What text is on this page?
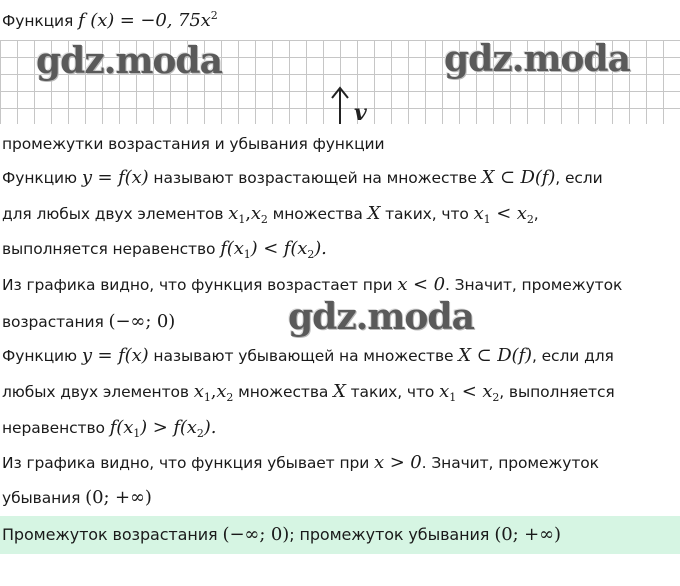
Функция f (x) = −0, $75x^2$
gdz.moda	gdz.moda
v
промежутки возрастания и убывания функции
Функцию y = f(x) называют возрастающей на множестве X ⊂ D(f), если
для любых двух элементов $x_1,x_2$ множества X таких, что $x_1 < x_2$,
выполняется неравенство $f(x_1) < f(x_2)$.
Из графика видно, что функция возрастает при x < 0. Значит, промежуток
возрастания (−∞; 0)	gdz.moda
Функцию y = f(x) называют убывающей на множестве X ⊂ D(f), если для
любых двух элементов $x_1,x_2$ множества X таких, что $x_1 < x_2$, выполняется
неравенство $f(x_1) > f(x_2)$.
Из графика видно, что функция убывает при x > 0. Значит, промежуток
убывания (0; +∞)
Промежуток возрастания (−∞; 0); промежуток убывания (0; +∞)
